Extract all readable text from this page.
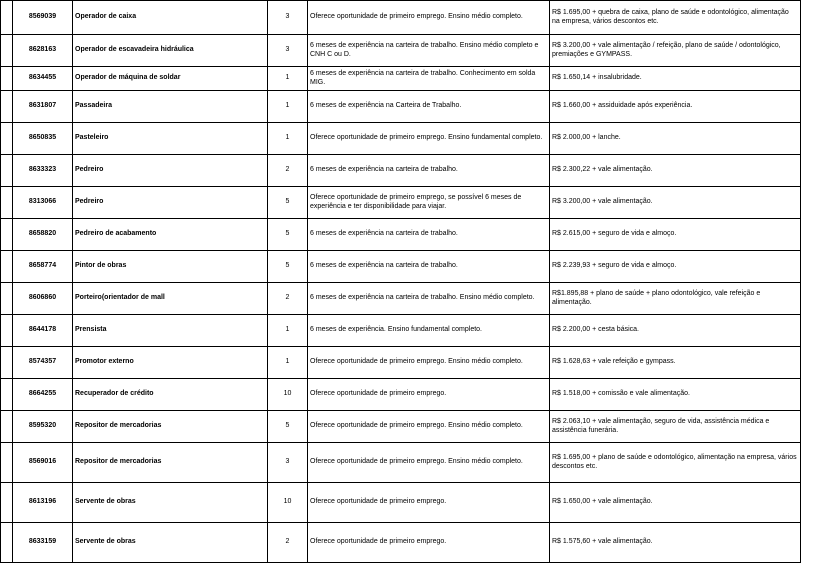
	8569039	Operador de caixa	3	Oferece oportunidade de primeiro emprego. Ensino médio completo.	R$ 1.695,00 + quebra de caixa, plano de saúde e odontológico, alimentação na empresa, vários descontos etc.
	8628163	Operador de escavadeira hidráulica	3	6 meses de experiência na carteira de trabalho. Ensino médio completo e CNH C ou D.	R$ 3.200,00 + vale alimentação / refeição, plano de saúde / odontológico, premiações e GYMPASS.
	8634455	Operador de máquina de soldar	1	6 meses de experiência na carteira de trabalho. Conhecimento em solda MIG.	R$ 1.650,14 + insalubridade.
	8631807	Passadeira	1	6 meses de experiência na Carteira de Trabalho.	R$ 1.660,00 + assiduidade após experiência.
	8650835	Pasteleiro	1	Oferece oportunidade de primeiro emprego. Ensino fundamental completo.	R$ 2.000,00 + lanche.
	8633323	Pedreiro	2	6 meses de experiência na carteira de trabalho.	R$ 2.300,22 + vale alimentação.
	8313066	Pedreiro	5	Oferece oportunidade de primeiro emprego, se possível 6 meses de experiência e ter disponibilidade para viajar.	R$ 3.200,00 + vale alimentação.
	8658820	Pedreiro de acabamento	5	6 meses de experiência na carteira de trabalho.	R$ 2.615,00 + seguro de vida e almoço.
	8658774	Pintor de obras	5	6 meses de experiência na carteira de trabalho.	R$ 2.239,93 + seguro de vida e almoço.
	8606860	Porteiro(orientador de mall	2	6 meses de experiência na carteira de trabalho. Ensino médio completo.	R$1.895,88 + plano de saúde + plano odontológico, vale refeição e alimentação.
	8644178	Prensista	1	6 meses de experiência. Ensino fundamental completo.	R$ 2.200,00 + cesta básica.
	8574357	Promotor externo	1	Oferece oportunidade de primeiro emprego. Ensino médio completo.	R$ 1.628,63 + vale refeição e gympass.
	8664255	Recuperador de crédito	10	Oferece oportunidade de primeiro emprego.	R$ 1.518,00 + comissão e vale alimentação.
	8595320	Repositor de mercadorias	5	Oferece oportunidade de primeiro emprego. Ensino médio completo.	R$ 2.063,10 + vale alimentação, seguro de vida, assistência médica e assistência funerária.
	8569016	Repositor de mercadorias	3	Oferece oportunidade de primeiro emprego. Ensino médio completo.	R$ 1.695,00 + plano de saúde e odontológico, alimentação na empresa, vários descontos etc.
	8613196	Servente de obras	10	Oferece oportunidade de primeiro emprego.	R$ 1.650,00 + vale alimentação.
	8633159	Servente de obras	2	Oferece oportunidade de primeiro emprego.	R$ 1.575,60 + vale alimentação.
